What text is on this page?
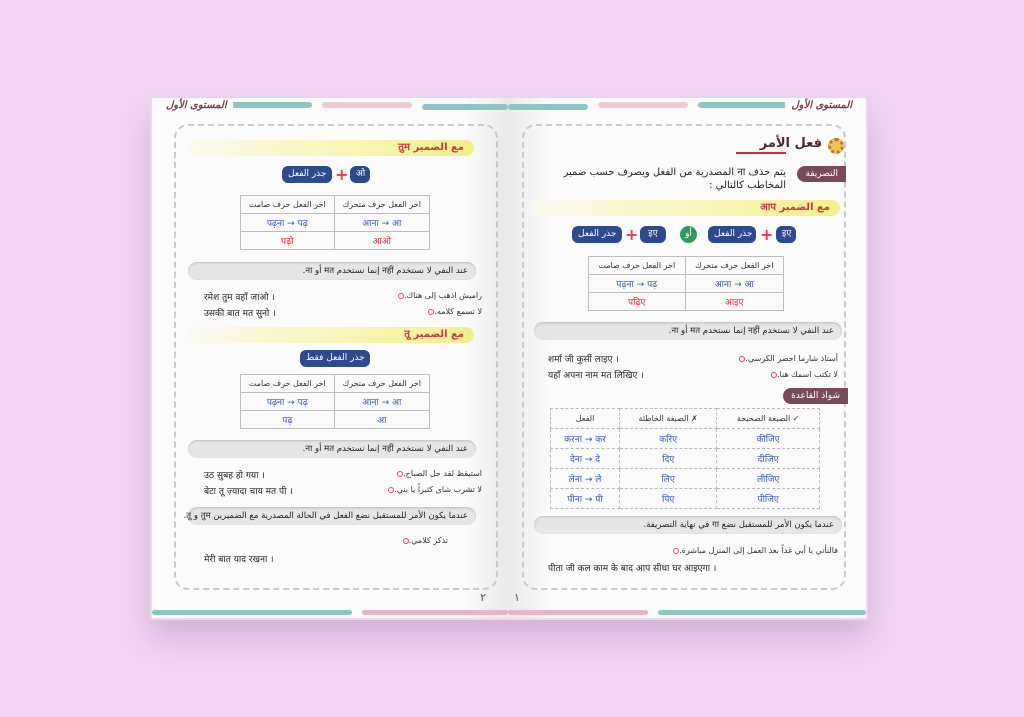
المستوى الأول
مع الضمير तुम
ओ
+
جذر الفعل
اخر الفعل حرف صامت	اخر الفعل حرف متحرك
पढ़ना → पढ़	आना → आ
पढ़ो	आओ
عند النفي لا نستخدم नहीं إنما نستخدم मत أو ना.
रमेश तुम वहाँ जाओ ।	راميش اذهب إلى هناك.
उसकी बात मत सुनो ।	لا تسمع كلامه.
مع الضمير तू
جذر الفعل فقط
اخر الفعل حرف صامت	اخر الفعل حرف متحرك
पढ़ना → पढ़	आना → आ
पढ़	आ
عند النفي لا نستخدم नहीं إنما نستخدم मत أو ना.
उठ सुबह हो गया ।	استيقظ لقد حل الصباح.
बेटा तू ज़्यादा चाय मत पी ।	لا تشرب شاي كثيراً يا بني.
عندما يكون الأمر للمستقبل نضع الفعل في الحالة المصدرية مع الضميرين तुम و तू.
تذكر كلامي.
मेरी बात याद रखना ।
٢
المستوى الأول
فعل الأمر
التصريفة
يتم حذف ना المصدرية من الفعل ويصرف حسب ضمير المخاطب كالتالي :
مع الضمير आप
इए
+
جذر الفعل
أو
इए
+
جذر الفعل
اخر الفعل حرف صامت	اخر الفعل حرف متحرك
पढ़ना → पढ़	आना → आ
पढ़िए	आइए
عند النفي لا نستخدم नहीं إنما نستخدم मत أو ना.
शर्मा जी कुर्सी लाइए ।	أستاذ شارما احضر الكرسي.
यहाँ अपना नाम मत लिखिए ।	لا تكتب اسمك هنا.
شواذ القاعدة
الفعل	الصيغة الخاطئة ✗	الصيغة الصحيحة ✓
करना → कर	करिए	कीजिए
देना → दे	दिए	दीजिए
लेना → ले	लिए	लीजिए
पीना → पी	पिए	पीजिए
عندما يكون الأمر للمستقبل نضع गा في نهاية التصريفة.
فالنأتي يا أبي غداً بعد العمل إلى المنزل مباشرة.
पीता जी कल काम के बाद आप सीधा घर आइएगा ।
١
